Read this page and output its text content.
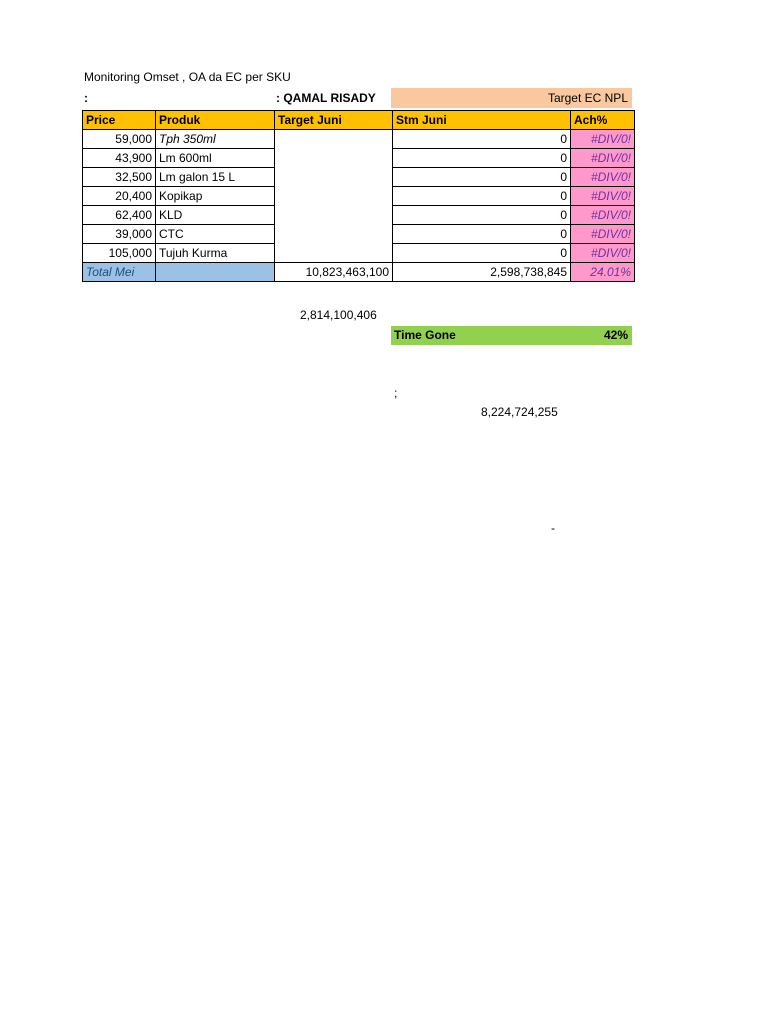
Monitoring Omset , OA da EC per SKU
:	: QAMAL RISADY	Target EC NPL
Price	Produk	Target Juni	Stm Juni	Ach%
59,000	Tph 350ml		0	#DIV/0!
43,900	Lm 600ml		0	#DIV/0!
32,500	Lm galon 15 L		0	#DIV/0!
20,400	Kopikap		0	#DIV/0!
62,400	KLD		0	#DIV/0!
39,000	CTC		0	#DIV/0!
105,000	Tujuh Kurma		0	#DIV/0!
Total Mei		10,823,463,100	2,598,738,845	24.01%
2,814,100,406
Time Gone	42%
;
8,224,724,255
-
